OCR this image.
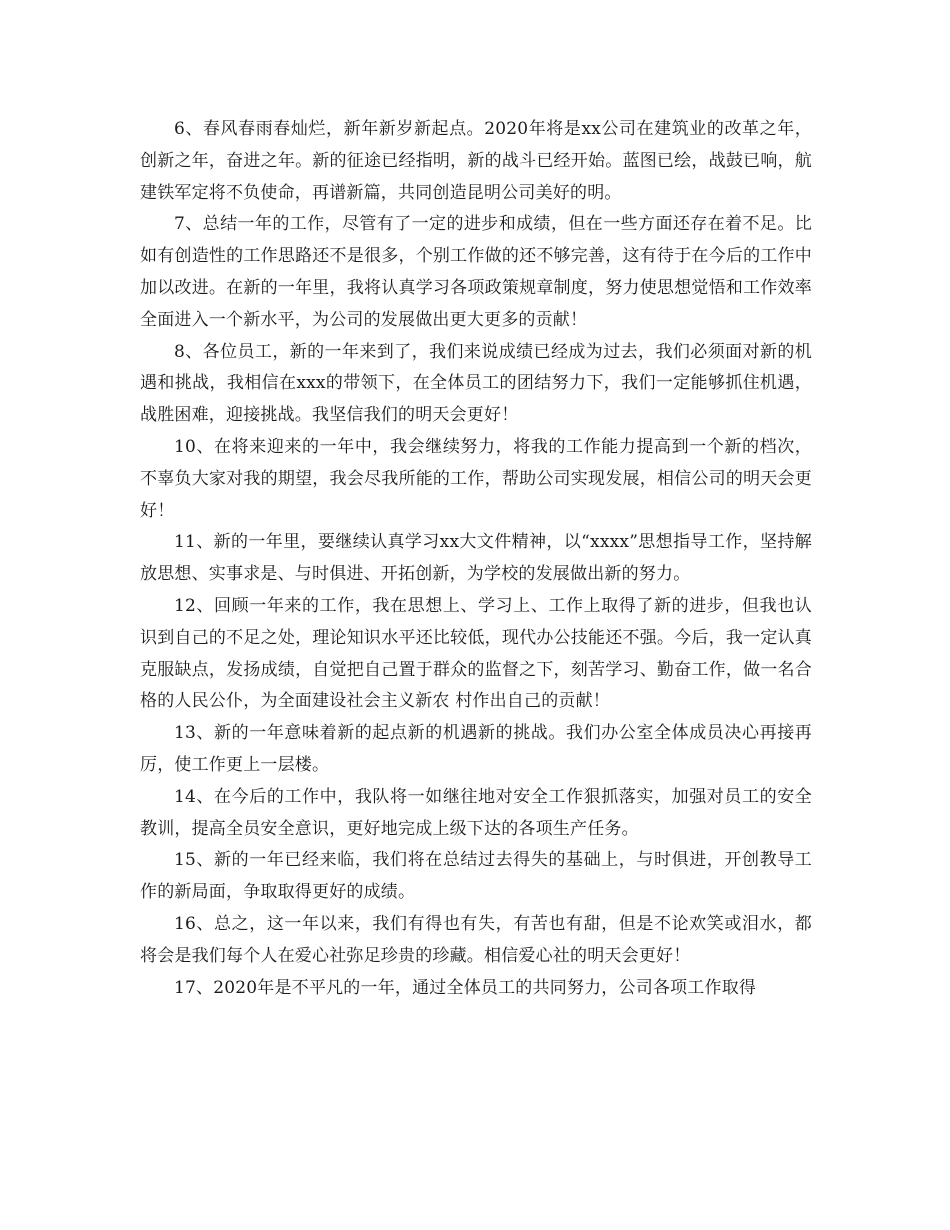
6、春风春雨春灿烂，新年新岁新起点。2020年将是xx公司在建筑业的改革之年，创新之年，奋进之年。新的征途已经指明，新的战斗已经开始。蓝图已绘，战鼓已响，航建铁军定将不负使命，再谱新篇，共同创造昆明公司美好的明。

7、总结一年的工作，尽管有了一定的进步和成绩，但在一些方面还存在着不足。比如有创造性的工作思路还不是很多，个别工作做的还不够完善，这有待于在今后的工作中加以改进。在新的一年里，我将认真学习各项政策规章制度，努力使思想觉悟和工作效率全面进入一个新水平，为公司的发展做出更大更多的贡献！

8、各位员工，新的一年来到了，我们来说成绩已经成为过去，我们必须面对新的机遇和挑战，我相信在xxx的带领下，在全体员工的团结努力下，我们一定能够抓住机遇，战胜困难，迎接挑战。我坚信我们的明天会更好！

10、在将来迎来的一年中，我会继续努力，将我的工作能力提高到一个新的档次，不辜负大家对我的期望，我会尽我所能的工作，帮助公司实现发展，相信公司的明天会更好！

11、新的一年里，要继续认真学习xx大文件精神，以“xxxx”思想指导工作，坚持解放思想、实事求是、与时俱进、开拓创新，为学校的发展做出新的努力。

12、回顾一年来的工作，我在思想上、学习上、工作上取得了新的进步，但我也认识到自己的不足之处，理论知识水平还比较低，现代办公技能还不强。今后，我一定认真克服缺点，发扬成绩，自觉把自己置于群众的监督之下，刻苦学习、勤奋工作，做一名合格的人民公仆，为全面建设社会主义新农 村作出自己的贡献！

13、新的一年意味着新的起点新的机遇新的挑战。我们办公室全体成员决心再接再厉，使工作更上一层楼。

14、在今后的工作中，我队将一如继往地对安全工作狠抓落实，加强对员工的安全教训，提高全员安全意识，更好地完成上级下达的各项生产任务。

15、新的一年已经来临，我们将在总结过去得失的基础上，与时俱进，开创教导工作的新局面，争取取得更好的成绩。

16、总之，这一年以来，我们有得也有失，有苦也有甜，但是不论欢笑或泪水，都将会是我们每个人在爱心社弥足珍贵的珍藏。相信爱心社的明天会更好！

17、2020年是不平凡的一年，通过全体员工的共同努力，公司各项工作取得
